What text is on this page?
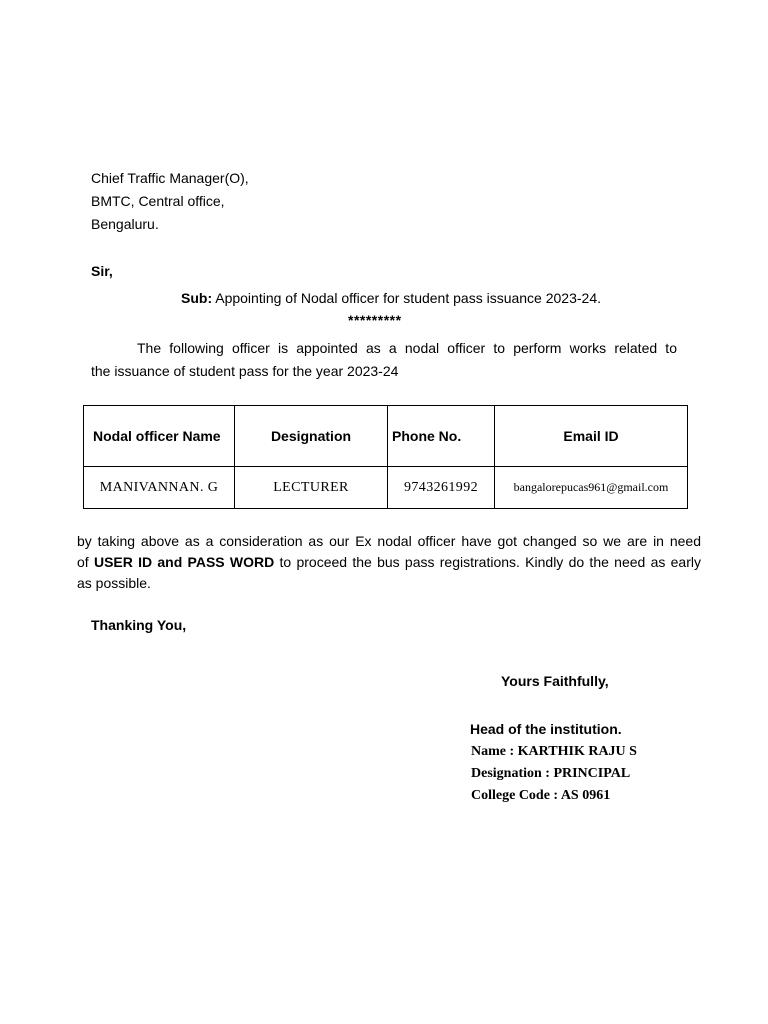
Chief Traffic Manager(O),
BMTC, Central office,
Bengaluru.
Sir,
Sub: Appointing of Nodal officer for student pass issuance 2023-24.
*********
The following officer is appointed as a nodal officer to perform works related to
the issuance of student pass for the year 2023-24
Nodal officer Name	Designation	Phone No.	Email ID
MANIVANNAN. G	LECTURER	9743261992	bangalorepucas961@gmail.com
by taking above as a consideration as our Ex nodal officer have got changed so we are in need
of USER ID and PASS WORD to proceed the bus pass registrations. Kindly do the need as early
as possible.
Thanking You,
Yours Faithfully,
Head of the institution.
Name : KARTHIK RAJU S
Designation : PRINCIPAL
College Code : AS 0961
